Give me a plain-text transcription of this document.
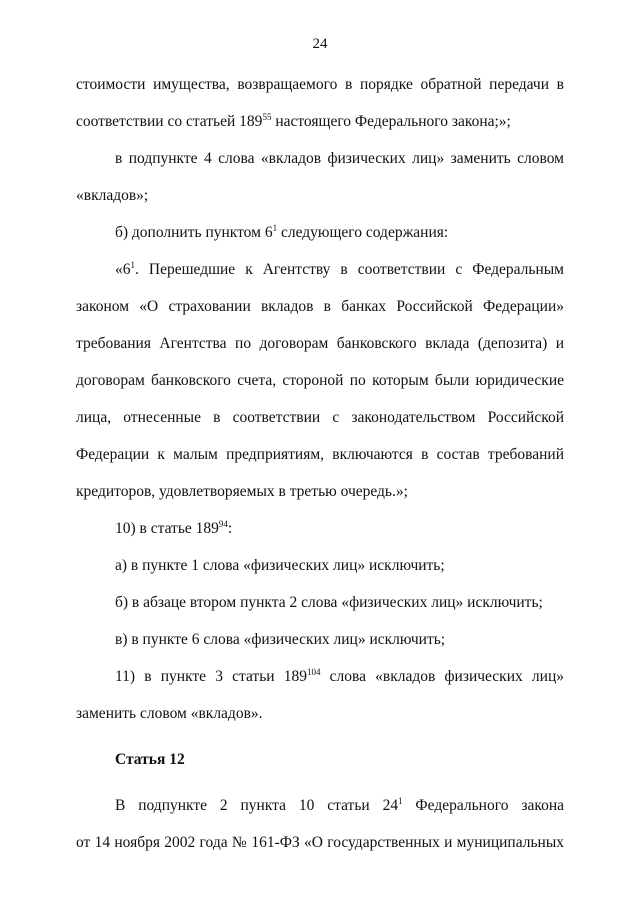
24
стоимости имущества, возвращаемого в порядке обратной передачи в
соответствии со статьей $189^{55}$ настоящего Федерального закона;»;
в подпункте 4 слова «вкладов физических лиц» заменить словом
«вкладов»;
б) дополнить пунктом $6^1$ следующего содержания:
«$6^1$. Перешедшие к Агентству в соответствии с Федеральным
законом «О страховании вкладов в банках Российской Федерации»
требования Агентства по договорам банковского вклада (депозита) и
договорам банковского счета, стороной по которым были юридические
лица, отнесенные в соответствии с законодательством Российской
Федерации к малым предприятиям, включаются в состав требований
кредиторов, удовлетворяемых в третью очередь.»;
10) в статье $189^{94}$:
а) в пункте 1 слова «физических лиц» исключить;
б) в абзаце втором пункта 2 слова «физических лиц» исключить;
в) в пункте 6 слова «физических лиц» исключить;
11) в пункте 3 статьи $189^{104}$ слова «вкладов физических лиц»
заменить словом «вкладов».
Статья 12
В подпункте 2 пункта 10 статьи $24^1$ Федерального закона
от 14 ноября 2002 года № 161-ФЗ «О государственных и муниципальных
